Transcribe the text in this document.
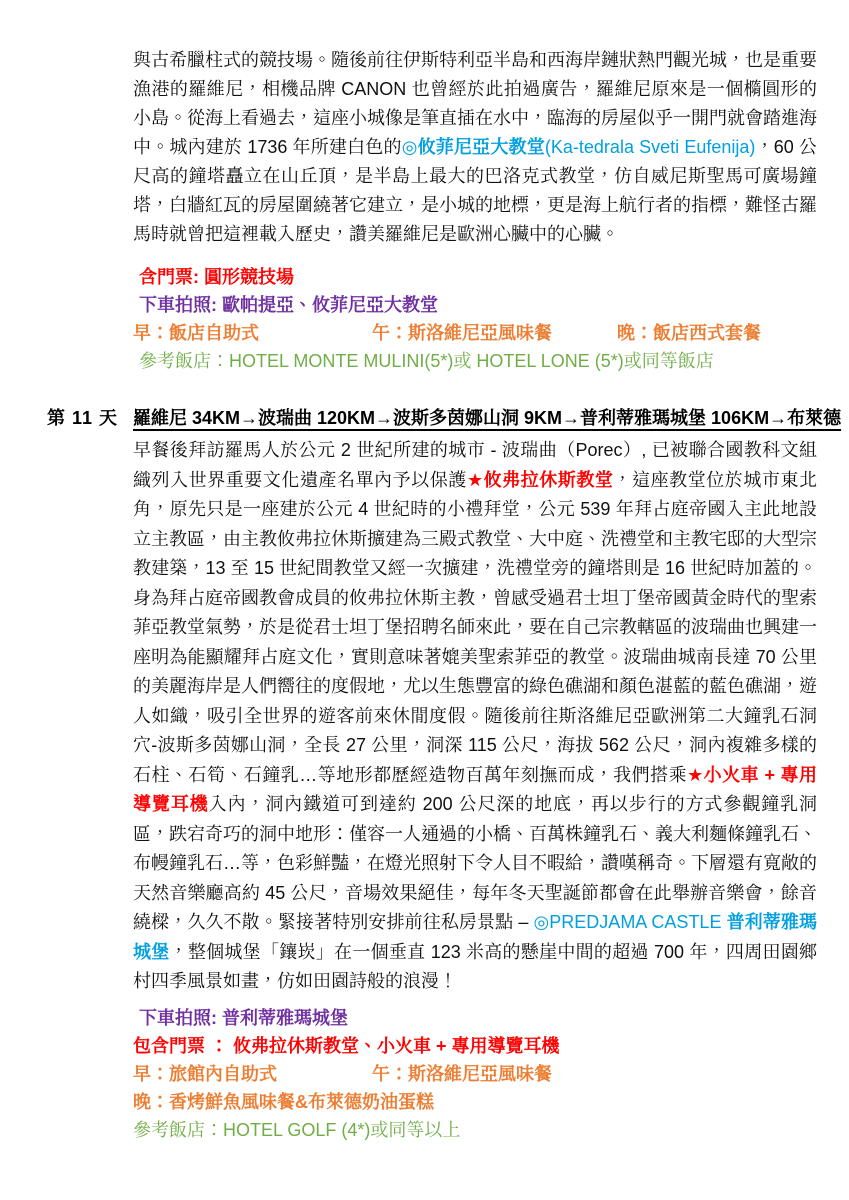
與古希臘柱式的競技場。隨後前往伊斯特利亞半島和西海岸鏈狀熱門觀光城，也是重要漁港的羅維尼，相機品牌 CANON 也曾經於此拍過廣告，羅維尼原來是一個橢圓形的小島。從海上看過去，這座小城像是筆直插在水中，臨海的房屋似乎一開門就會踏進海中。城內建於 1736 年所建白色的◎攸菲尼亞大教堂(Ka-tedrala Sveti Eufenija)，60 公尺高的鐘塔矗立在山丘頂，是半島上最大的巴洛克式教堂，仿自威尼斯聖馬可廣場鐘塔，白牆紅瓦的房屋圍繞著它建立，是小城的地標，更是海上航行者的指標，難怪古羅馬時就曾把這裡載入歷史，讚美羅維尼是歐洲心臟中的心臟。
含門票: 圓形競技場
下車拍照: 歐帕提亞、攸菲尼亞大教堂
早：飯店自助式	午：斯洛維尼亞風味餐	晚：飯店西式套餐
參考飯店：HOTEL MONTE MULINI(5*)或 HOTEL LONE (5*)或同等飯店
第 11 天 羅維尼 34KM→波瑞曲 120KM→波斯多茵娜山洞 9KM→普利蒂雅瑪城堡 106KM→布萊德
早餐後拜訪羅馬人於公元 2 世紀所建的城市 - 波瑞曲（Porec）, 已被聯合國教科文組織列入世界重要文化遺產名單內予以保護★攸弗拉休斯教堂，這座教堂位於城市東北角，原先只是一座建於公元 4 世紀時的小禮拜堂，公元 539 年拜占庭帝國入主此地設立主教區，由主教攸弗拉休斯擴建為三殿式教堂、大中庭、洗禮堂和主教宅邸的大型宗教建築，13 至 15 世紀間教堂又經一次擴建，洗禮堂旁的鐘塔則是 16 世紀時加蓋的。身為拜占庭帝國教會成員的攸弗拉休斯主教，曾感受過君士坦丁堡帝國黃金時代的聖索菲亞教堂氣勢，於是從君士坦丁堡招聘名師來此，要在自己宗教轄區的波瑞曲也興建一座明為能顯耀拜占庭文化，實則意味著媲美聖索菲亞的教堂。波瑞曲城南長達 70 公里的美麗海岸是人們嚮往的度假地，尤以生態豐富的綠色礁湖和顏色湛藍的藍色礁湖，遊人如織，吸引全世界的遊客前來休閒度假。隨後前往斯洛維尼亞歐洲第二大鐘乳石洞穴-波斯多茵娜山洞，全長 27 公里，洞深 115 公尺，海拔 562 公尺，洞內複雜多樣的石柱、石筍、石鐘乳…等地形都歷經造物百萬年刻撫而成，我們搭乘★小火車 + 專用導覽耳機入內，洞內鐵道可到達約 200 公尺深的地底，再以步行的方式參觀鐘乳洞區，跌宕奇巧的洞中地形：僅容一人通過的小橋、百萬株鐘乳石、義大利麵條鐘乳石、布幔鐘乳石…等，色彩鮮豔，在燈光照射下令人目不暇給，讚嘆稱奇。下層還有寬敞的天然音樂廳高約 45 公尺，音場效果絕佳，每年冬天聖誕節都會在此舉辦音樂會，餘音繞樑，久久不散。緊接著特別安排前往私房景點 – ◎PREDJAMA CASTLE 普利蒂雅瑪城堡，整個城堡「鑲崁」在一個垂直 123 米高的懸崖中間的超過 700 年，四周田園鄉村四季風景如畫，仿如田園詩般的浪漫！
下車拍照: 普利蒂雅瑪城堡
包含門票 ： 攸弗拉休斯教堂、小火車 + 專用導覽耳機
早：旅館內自助式	午：斯洛維尼亞風味餐
晚：香烤鮮魚風味餐&布萊德奶油蛋糕
參考飯店：HOTEL GOLF (4*)或同等以上
